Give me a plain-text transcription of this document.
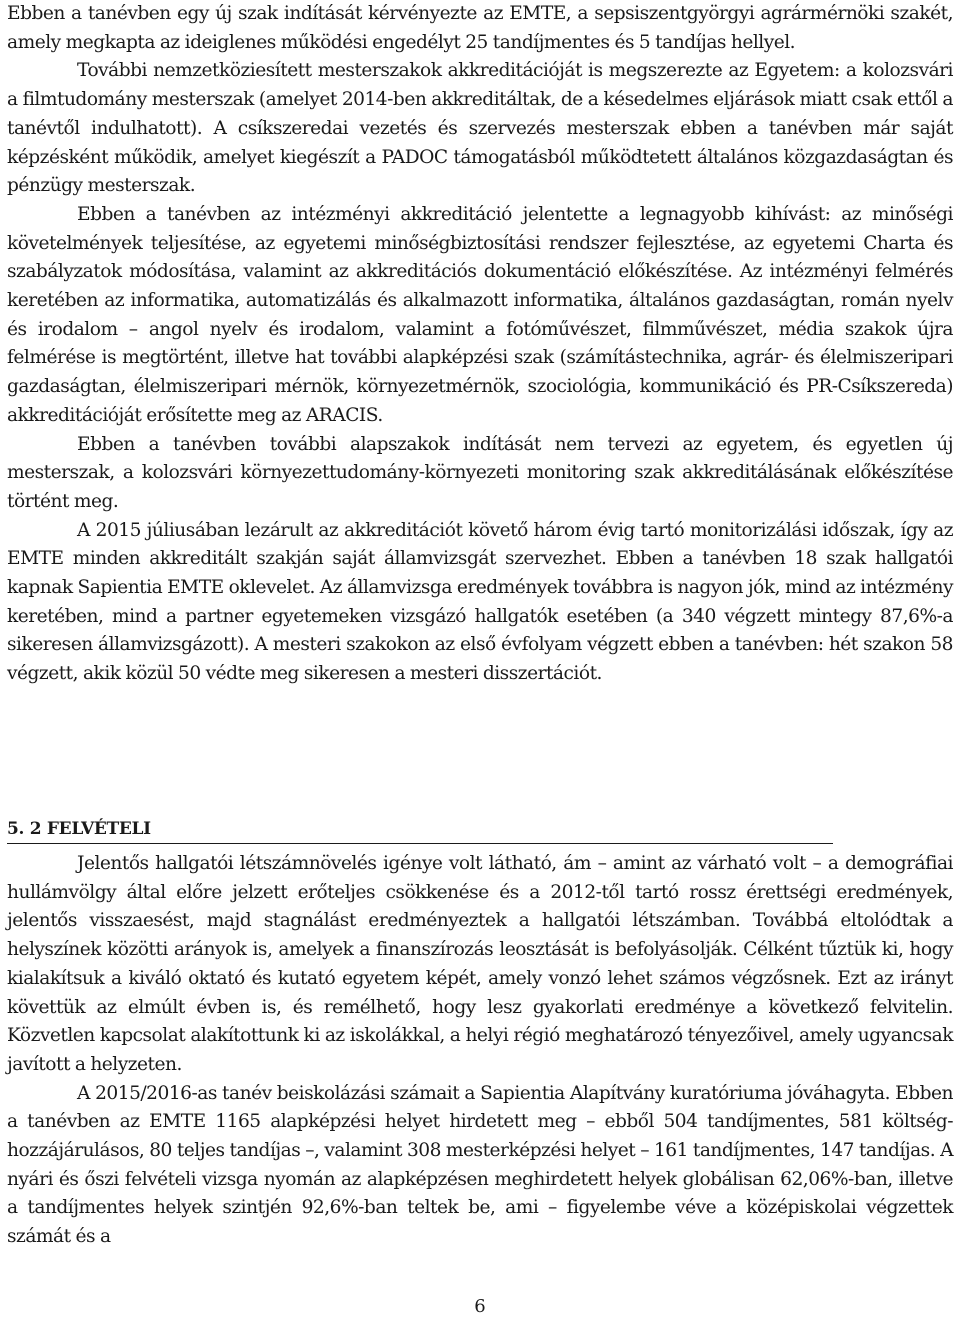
Ebben a tanévben egy új szak indítását kérvényezte az EMTE, a sepsiszentgyörgyi agrármérnöki szakét, amely megkapta az ideiglenes működési engedélyt 25 tandíjmentes és 5 tandíjas hellyel.

További nemzetköziesített mesterszakok akkreditációját is megszerezte az Egyetem: a kolozsvári a filmtudomány mesterszak (amelyet 2014-ben akkreditáltak, de a késedelmes eljárások miatt csak ettől a tanévtől indulhatott). A csíkszeredai vezetés és szervezés mesterszak ebben a tanévben már saját képzésként működik, amelyet kiegészít a PADOC támogatásból működtetett általános közgazdaságtan és pénzügy mesterszak.

Ebben a tanévben az intézményi akkreditáció jelentette a legnagyobb kihívást: az minőségi követelmények teljesítése, az egyetemi minőségbiztosítási rendszer fejlesztése, az egyetemi Charta és szabályzatok módosítása, valamint az akkreditációs dokumentáció előkészítése. Az intézményi felmérés keretében az informatika, automatizálás és alkalmazott informatika, általános gazdaságtan, román nyelv és irodalom – angol nyelv és irodalom, valamint a fotóművészet, filmművészet, média szakok újra felmérése is megtörtént, illetve hat további alapképzési szak (számítástechnika, agrár- és élelmiszeripari gazdaságtan, élelmiszeripari mérnök, környezetmérnök, szociológia, kommunikáció és PR-Csíkszereda) akkreditációját erősítette meg az ARACIS.

Ebben a tanévben további alapszakok indítását nem tervezi az egyetem, és egyetlen új mesterszak, a kolozsvári környezettudomány-környezeti monitoring szak akkreditálásának előkészítése történt meg.

A 2015 júliusában lezárult az akkreditációt követő három évig tartó monitorizálási időszak, így az EMTE minden akkreditált szakján saját államvizsgát szervezhet. Ebben a tanévben 18 szak hallgatói kapnak Sapientia EMTE oklevelet. Az államvizsga eredmények továbbra is nagyon jók, mind az intézmény keretében, mind a partner egyetemeken vizsgázó hallgatók esetében (a 340 végzett mintegy 87,6%-a sikeresen államvizsgázott). A mesteri szakokon az első évfolyam végzett ebben a tanévben: hét szakon 58 végzett, akik közül 50 védte meg sikeresen a mesteri disszertációt.

5. 2 FELVÉTELI

Jelentős hallgatói létszámnövelés igénye volt látható, ám – amint az várható volt – a demográfiai hullámvölgy által előre jelzett erőteljes csökkenése és a 2012-től tartó rossz érettségi eredmények, jelentős visszaesést, majd stagnálást eredményeztek a hallgatói létszámban. Továbbá eltolódtak a helyszínek közötti arányok is, amelyek a finanszírozás leosztását is befolyásolják. Célként tűztük ki, hogy kialakítsuk a kiváló oktató és kutató egyetem képét, amely vonzó lehet számos végzősnek. Ezt az irányt követtük az elmúlt évben is, és remélhető, hogy lesz gyakorlati eredménye a következő felvitelin. Közvetlen kapcsolat alakítottunk ki az iskolákkal, a helyi régió meghatározó tényezőivel, amely ugyancsak javított a helyzeten.

A 2015/2016-as tanév beiskolázási számait a Sapientia Alapítvány kuratóriuma jóváhagyta. Ebben a tanévben az EMTE 1165 alapképzési helyet hirdetett meg – ebből 504 tandíjmentes, 581 költség-hozzájárulásos, 80 teljes tandíjas –, valamint 308 mesterképzési helyet – 161 tandíjmentes, 147 tandíjas. A nyári és őszi felvételi vizsga nyomán az alapképzésen meghirdetett helyek globálisan 62,06%-ban, illetve a tandíjmentes helyek szintjén 92,6%-ban teltek be, ami – figyelembe véve a középiskolai végzettek számát és a

6
